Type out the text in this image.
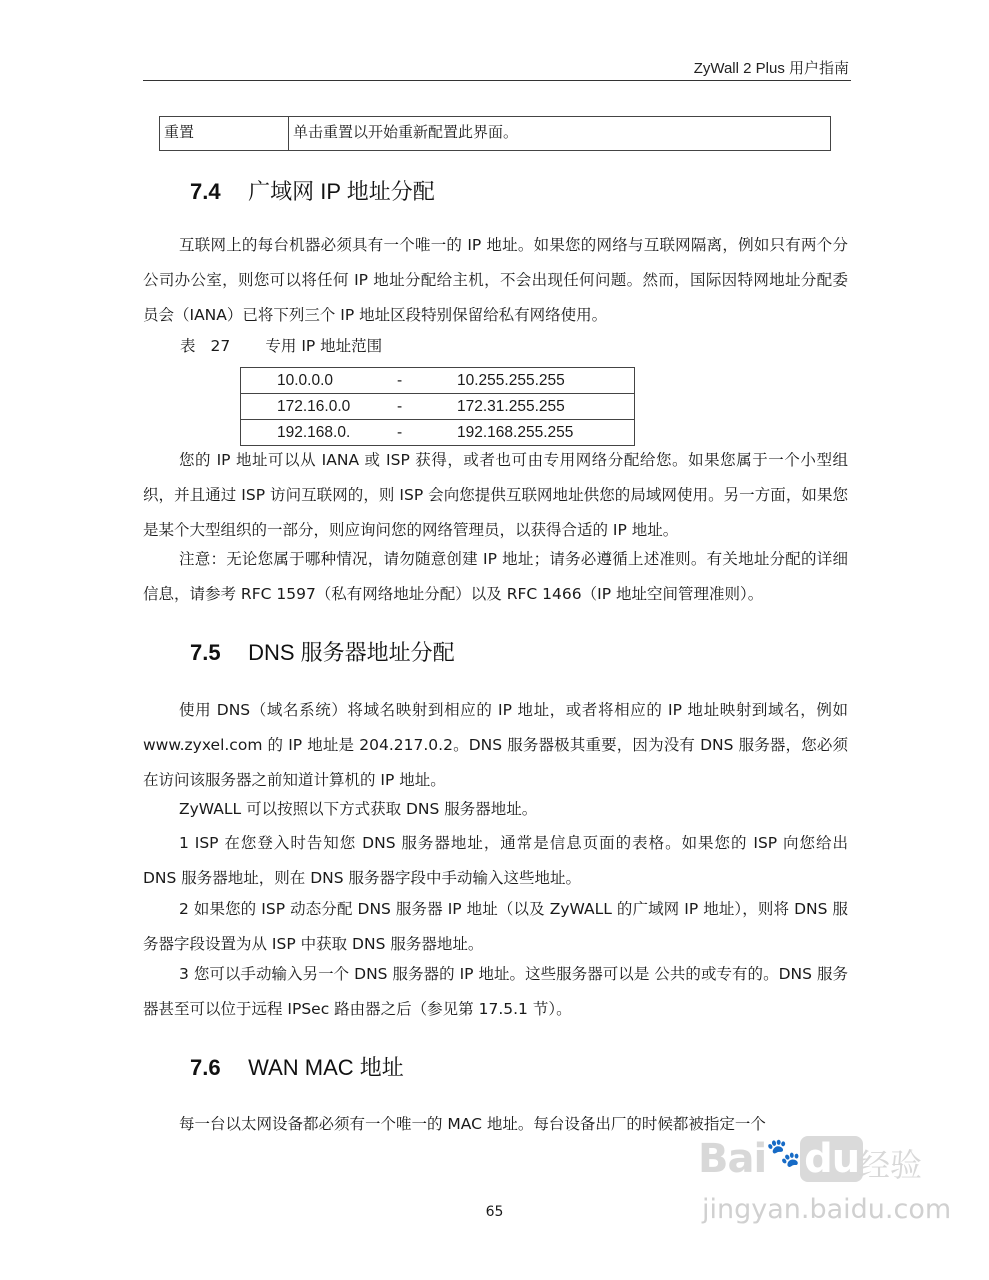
ZyWall 2 Plus 用户指南
重置	单击重置以开始重新配置此界面。
7.4 广域网 IP 地址分配

互联网上的每台机器必须具有一个唯一的 IP 地址。如果您的网络与互联网隔离，例如只有两个分公司办公室，则您可以将任何 IP 地址分配给主机，不会出现任何问题。然而，国际因特网地址分配委员会（IANA）已将下列三个 IP 地址区段特别保留给私有网络使用。

表 27 专用 IP 地址范围
10.0.0.0	-	10.255.255.255
172.16.0.0	-	172.31.255.255
192.168.0.	-	192.168.255.255

您的 IP 地址可以从 IANA 或 ISP 获得，或者也可由专用网络分配给您。如果您属于一个小型组织，并且通过 ISP 访问互联网的，则 ISP 会向您提供互联网地址供您的局域网使用。另一方面，如果您是某个大型组织的一部分，则应询问您的网络管理员，以获得合适的 IP 地址。

注意：无论您属于哪种情况，请勿随意创建 IP 地址；请务必遵循上述准则。有关地址分配的详细信息，请参考 RFC 1597（私有网络地址分配）以及 RFC 1466（IP 地址空间管理准则）。

7.5 DNS 服务器地址分配

使用 DNS（域名系统）将域名映射到相应的 IP 地址，或者将相应的 IP 地址映射到域名，例如 www.zyxel.com 的 IP 地址是 204.217.0.2。DNS 服务器极其重要，因为没有 DNS 服务器，您必须在访问该服务器之前知道计算机的 IP 地址。

ZyWALL 可以按照以下方式获取 DNS 服务器地址。

1 ISP 在您登入时告知您 DNS 服务器地址，通常是信息页面的表格。如果您的 ISP 向您给出 DNS 服务器地址，则在 DNS 服务器字段中手动输入这些地址。

2 如果您的 ISP 动态分配 DNS 服务器 IP 地址（以及 ZyWALL 的广域网 IP 地址），则将 DNS 服务器字段设置为从 ISP 中获取 DNS 服务器地址。

3 您可以手动输入另一个 DNS 服务器的 IP 地址。这些服务器可以是 公共的或专有的。DNS 服务器甚至可以位于远程 IPSec 路由器之后（参见第 17.5.1 节）。

7.6 WAN MAC 地址

每一台以太网设备都必须有一个唯一的 MAC 地址。每台设备出厂的时候都被指定一个

65
Bai🐾 du
经验
jingyan.baidu.com
